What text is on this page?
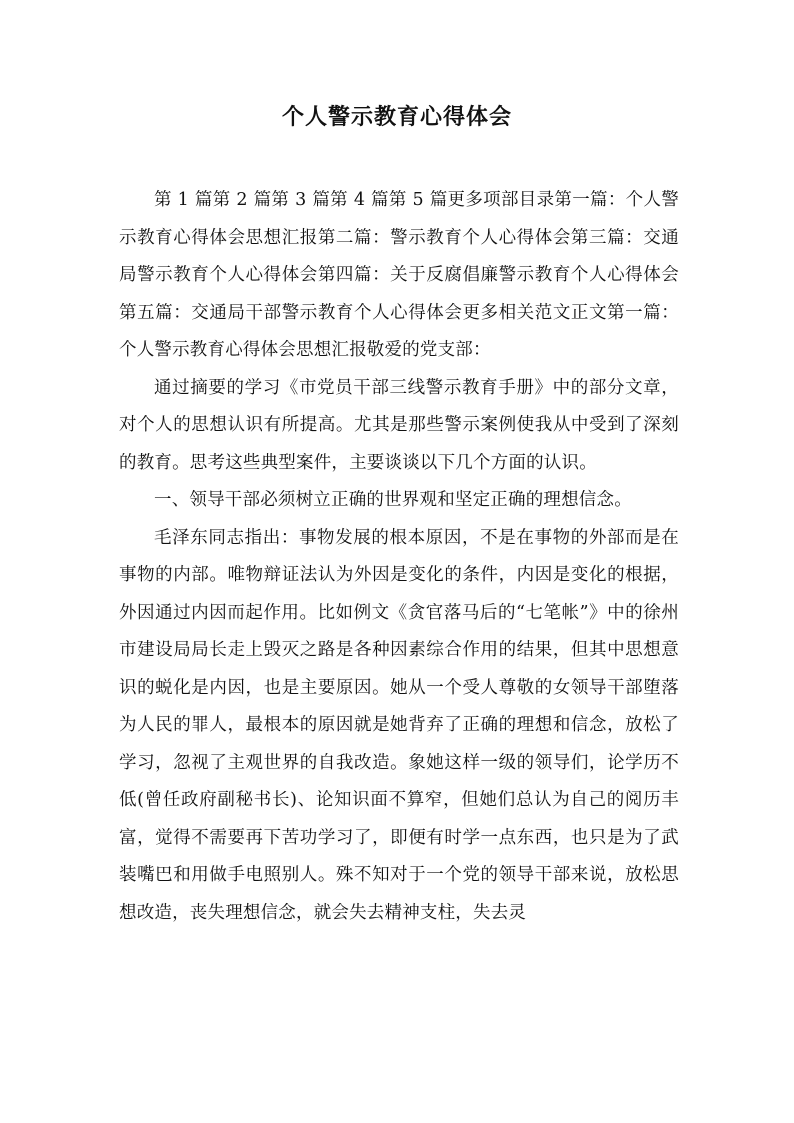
个人警示教育心得体会

第 1 篇第 2 篇第 3 篇第 4 篇第 5 篇更多项部目录第一篇：个人警示教育心得体会思想汇报第二篇：警示教育个人心得体会第三篇：交通局警示教育个人心得体会第四篇：关于反腐倡廉警示教育个人心得体会第五篇：交通局干部警示教育个人心得体会更多相关范文正文第一篇：个人警示教育心得体会思想汇报敬爱的党支部：

通过摘要的学习《市党员干部三线警示教育手册》中的部分文章，对个人的思想认识有所提高。尤其是那些警示案例使我从中受到了深刻的教育。思考这些典型案件，主要谈谈以下几个方面的认识。

一、领导干部必须树立正确的世界观和坚定正确的理想信念。

毛泽东同志指出：事物发展的根本原因，不是在事物的外部而是在事物的内部。唯物辩证法认为外因是变化的条件，内因是变化的根据，外因通过内因而起作用。比如例文《贪官落马后的“七笔帐”》中的徐州市建设局局长走上毁灭之路是各种因素综合作用的结果，但其中思想意识的蜕化是内因，也是主要原因。她从一个受人尊敬的女领导干部堕落为人民的罪人，最根本的原因就是她背弃了正确的理想和信念，放松了学习，忽视了主观世界的自我改造。象她这样一级的领导们，论学历不低(曾任政府副秘书长)、论知识面不算窄，但她们总认为自己的阅历丰富，觉得不需要再下苦功学习了，即便有时学一点东西，也只是为了武装嘴巴和用做手电照别人。殊不知对于一个党的领导干部来说，放松思想改造，丧失理想信念，就会失去精神支柱，失去灵
